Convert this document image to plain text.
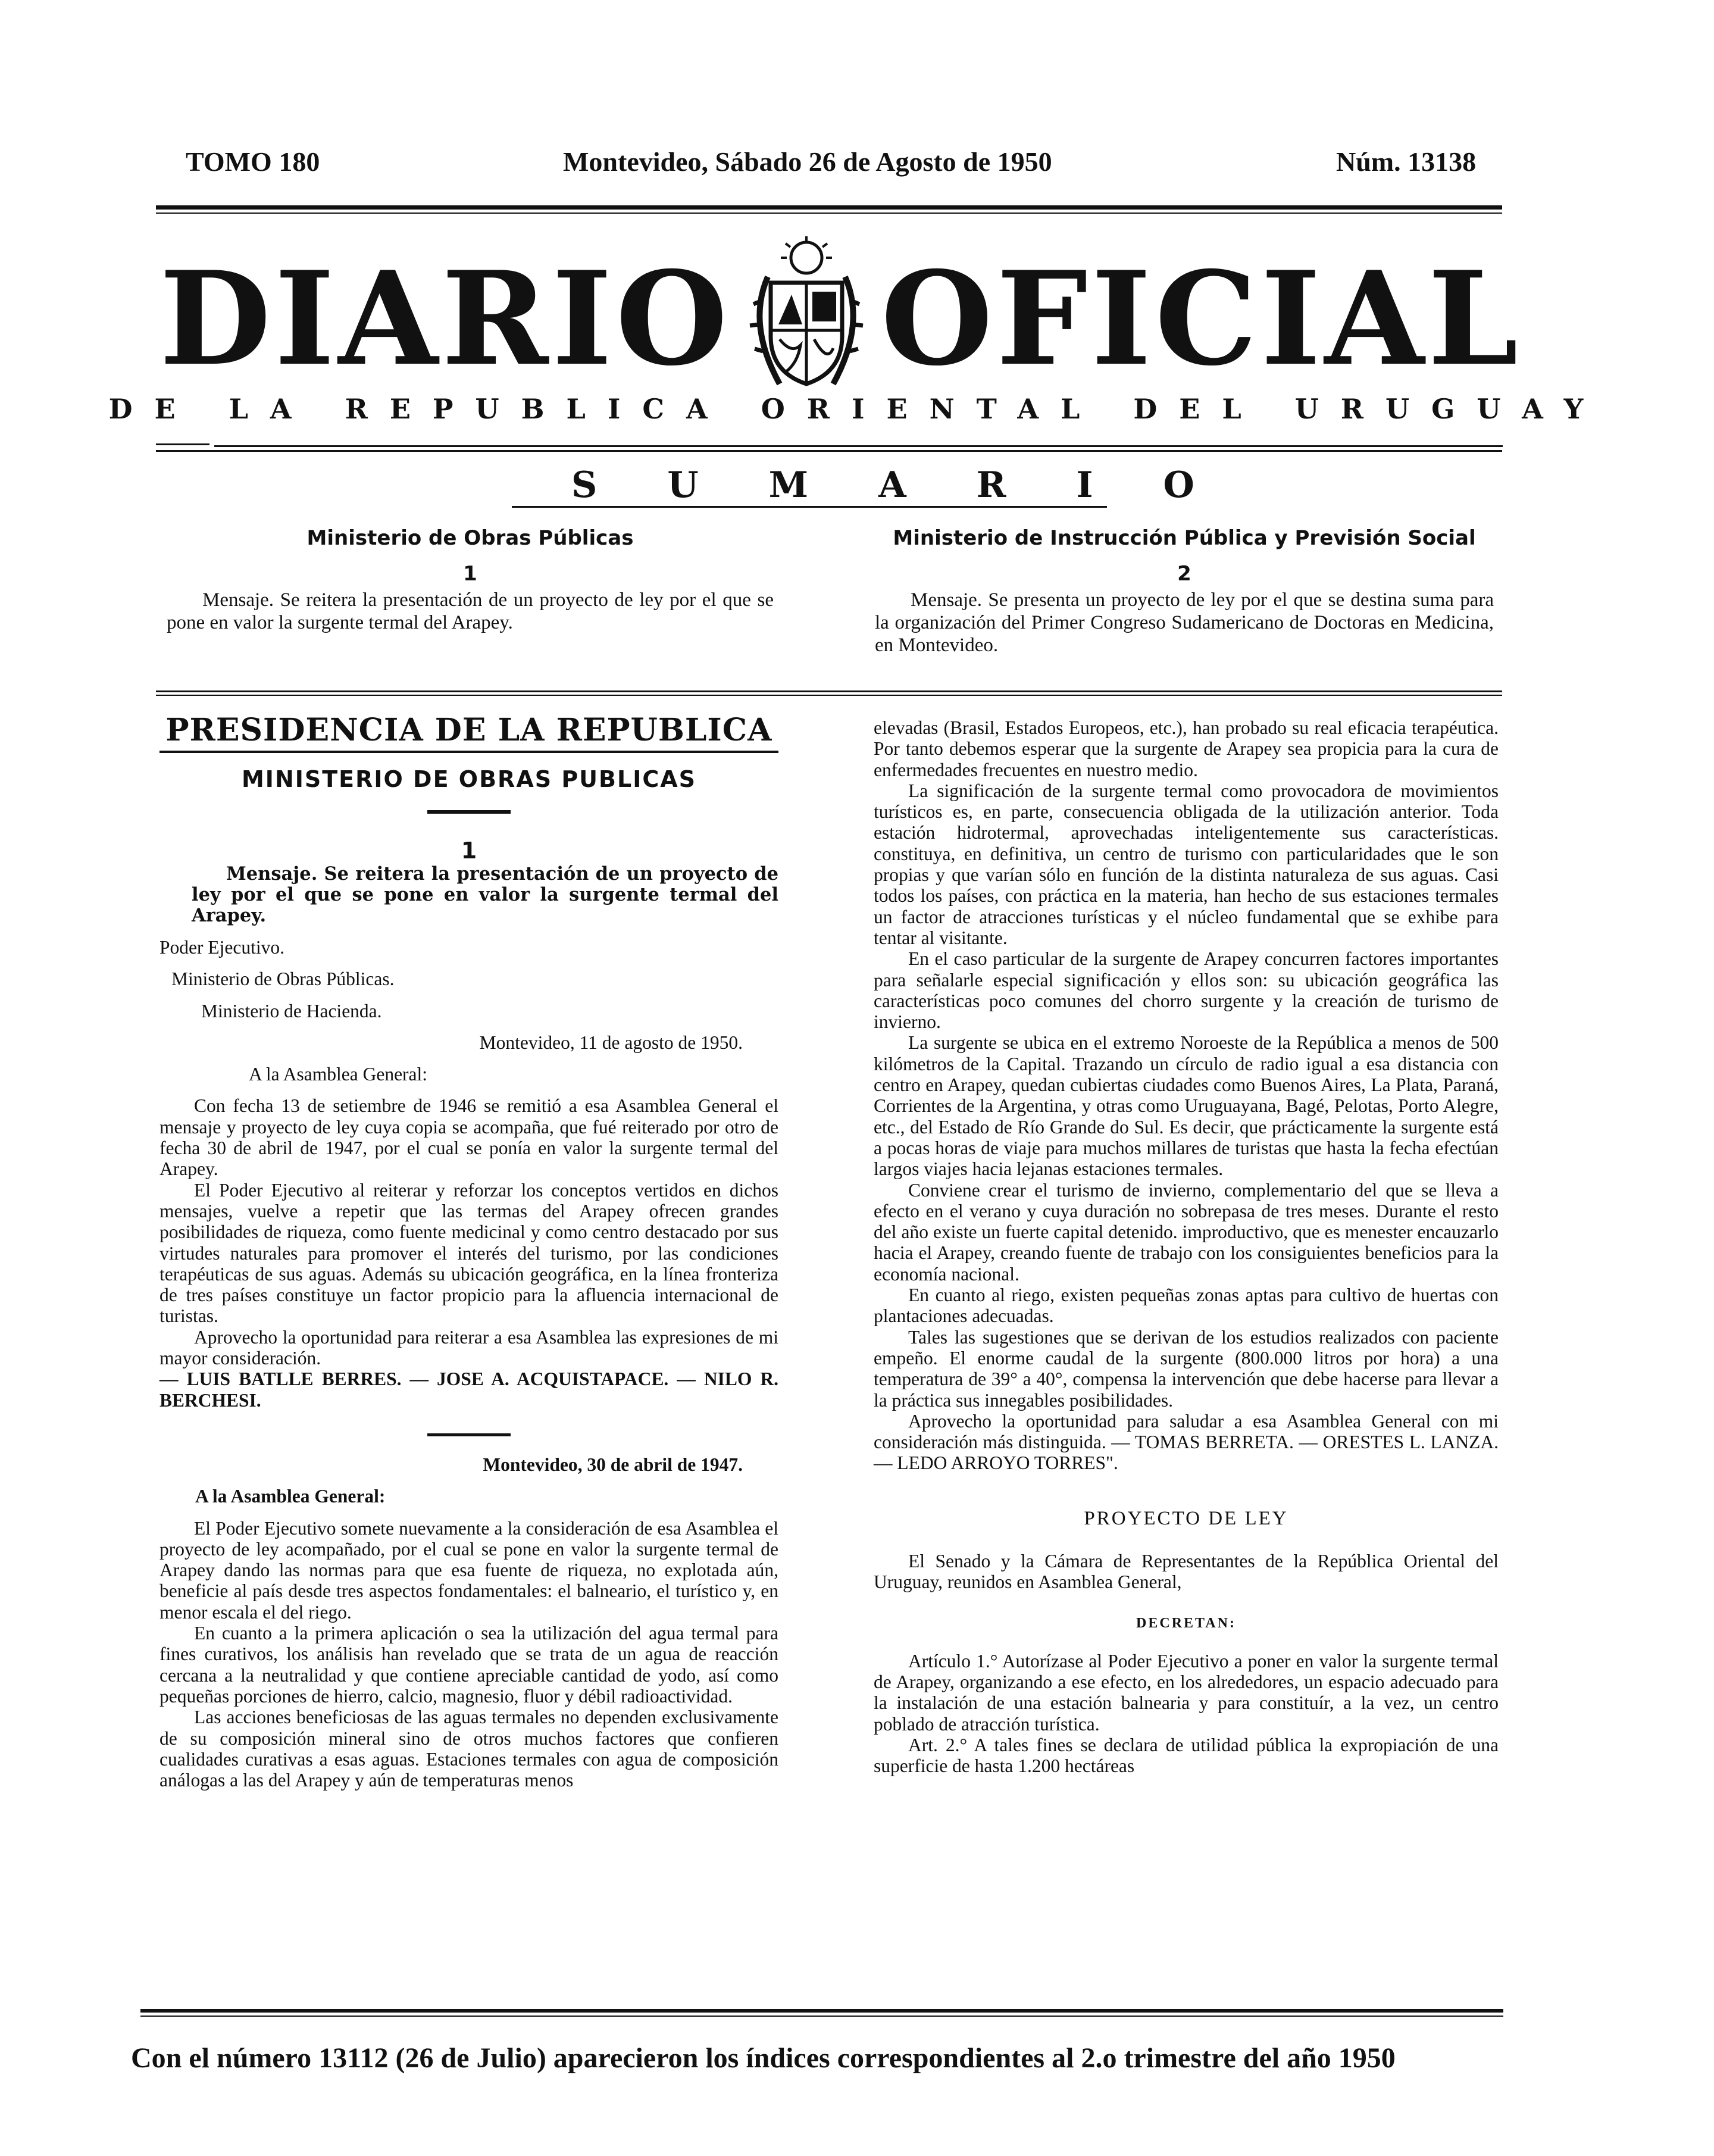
TOMO 180	Montevideo, Sábado 26 de Agosto de 1950	Núm. 13138
DIARIO OFICIAL
DE LA REPUBLICA ORIENTAL DEL URUGUAY
SUMARIO
Ministerio de Obras Públicas
1
Mensaje. Se reitera la presentación de un proyecto de ley por el que se pone en valor la surgente termal del Arapey.
Ministerio de Instrucción Pública y Previsión Social
2
Mensaje. Se presenta un proyecto de ley por el que se destina suma para la organización del Primer Congreso Sudamericano de Doctoras en Medicina, en Montevideo.
PRESIDENCIA DE LA REPUBLICA
MINISTERIO DE OBRAS PUBLICAS
1

Mensaje. Se reitera la presentación de un proyecto de ley por el que se pone en valor la surgente termal del Arapey.

Poder Ejecutivo.

Ministerio de Obras Públicas.

Ministerio de Hacienda.

Montevideo, 11 de agosto de 1950.

A la Asamblea General:

Con fecha 13 de setiembre de 1946 se remitió a esa Asamblea General el mensaje y proyecto de ley cuya copia se acompaña, que fué reiterado por otro de fecha 30 de abril de 1947, por el cual se ponía en valor la surgente termal del Arapey.

El Poder Ejecutivo al reiterar y reforzar los conceptos vertidos en dichos mensajes, vuelve a repetir que las termas del Arapey ofrecen grandes posibilidades de riqueza, como fuente medicinal y como centro destacado por sus virtudes naturales para promover el interés del turismo, por las condiciones terapéuticas de sus aguas. Además su ubicación geográfica, en la línea fronteriza de tres países constituye un factor propicio para la afluencia internacional de turistas.

Aprovecho la oportunidad para reiterar a esa Asamblea las expresiones de mi mayor consideración.

— LUIS BATLLE BERRES. — JOSE A. ACQUISTAPACE. — NILO R. BERCHESI.

Montevideo, 30 de abril de 1947.

A la Asamblea General:

El Poder Ejecutivo somete nuevamente a la consideración de esa Asamblea el proyecto de ley acompañado, por el cual se pone en valor la surgente termal de Arapey dando las normas para que esa fuente de riqueza, no explotada aún, beneficie al país desde tres aspectos fondamentales: el balneario, el turístico y, en menor escala el del riego.

En cuanto a la primera aplicación o sea la utilización del agua termal para fines curativos, los análisis han revelado que se trata de un agua de reacción cercana a la neutralidad y que contiene apreciable cantidad de yodo, así como pequeñas porciones de hierro, calcio, magnesio, fluor y débil radioactividad.

Las acciones beneficiosas de las aguas termales no dependen exclusivamente de su composición mineral sino de otros muchos factores que confieren cualidades curativas a esas aguas. Estaciones termales con agua de composición análogas a las del Arapey y aún de temperaturas menos

elevadas (Brasil, Estados Europeos, etc.), han probado su real eficacia terapéutica. Por tanto debemos esperar que la surgente de Arapey sea propicia para la cura de enfermedades frecuentes en nuestro medio.

La significación de la surgente termal como provocadora de movimientos turísticos es, en parte, consecuencia obligada de la utilización anterior. Toda estación hidrotermal, aprovechadas inteligentemente sus características. constituya, en definitiva, un centro de turismo con particularidades que le son propias y que varían sólo en función de la distinta naturaleza de sus aguas. Casi todos los países, con práctica en la materia, han hecho de sus estaciones termales un factor de atracciones turísticas y el núcleo fundamental que se exhibe para tentar al visitante.

En el caso particular de la surgente de Arapey concurren factores importantes para señalarle especial significación y ellos son: su ubicación geográfica las características poco comunes del chorro surgente y la creación de turismo de invierno.

La surgente se ubica en el extremo Noroeste de la República a menos de 500 kilómetros de la Capital. Trazando un círculo de radio igual a esa distancia con centro en Arapey, quedan cubiertas ciudades como Buenos Aires, La Plata, Paraná, Corrientes de la Argentina, y otras como Uruguayana, Bagé, Pelotas, Porto Alegre, etc., del Estado de Río Grande do Sul. Es decir, que prácticamente la surgente está a pocas horas de viaje para muchos millares de turistas que hasta la fecha efectúan largos viajes hacia lejanas estaciones termales.

Conviene crear el turismo de invierno, complementario del que se lleva a efecto en el verano y cuya duración no sobrepasa de tres meses. Durante el resto del año existe un fuerte capital detenido. improductivo, que es menester encauzarlo hacia el Arapey, creando fuente de trabajo con los consiguientes beneficios para la economía nacional.

En cuanto al riego, existen pequeñas zonas aptas para cultivo de huertas con plantaciones adecuadas.

Tales las sugestiones que se derivan de los estudios realizados con paciente empeño. El enorme caudal de la surgente (800.000 litros por hora) a una temperatura de 39° a 40°, compensa la intervención que debe hacerse para llevar a la práctica sus innegables posibilidades.

Aprovecho la oportunidad para saludar a esa Asamblea General con mi consideración más distinguida. — TOMAS BERRETA. — ORESTES L. LANZA. — LEDO ARROYO TORRES".

PROYECTO DE LEY

El Senado y la Cámara de Representantes de la República Oriental del Uruguay, reunidos en Asamblea General,

DECRETAN:

Artículo 1.° Autorízase al Poder Ejecutivo a poner en valor la surgente termal de Arapey, organizando a ese efecto, en los alrededores, un espacio adecuado para la instalación de una estación balnearia y para constituír, a la vez, un centro poblado de atracción turística.

Art. 2.° A tales fines se declara de utilidad pública la expropiación de una superficie de hasta 1.200 hectáreas

Con el número 13112 (26 de Julio) aparecieron los índices correspondientes al 2.o trimestre del año 1950
